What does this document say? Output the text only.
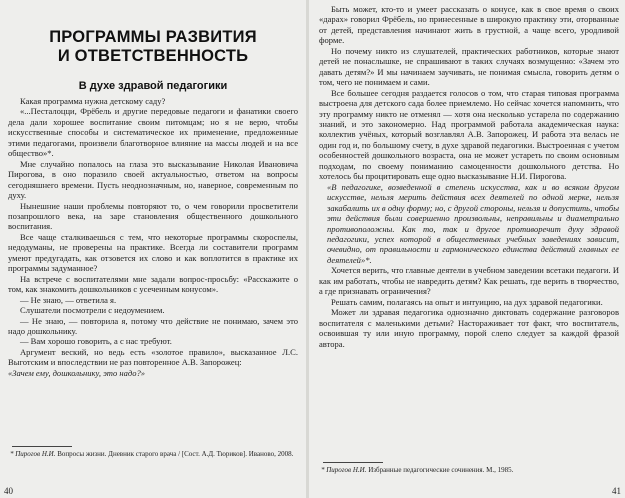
ПРОГРАММЫ РАЗВИТИЯ
И ОТВЕТСТВЕННОСТЬ
В духе здравой педагогики

Какая программа нужна детскому саду?

«...Песталоцци, Фрёбель и другие передовые педагоги и фанатики своего дела дали хорошее воспитание своим питомцам; но я не верю, чтобы искусственные способы и систематическое их применение, предложенные этими педагогами, произвели благотворное влияние на массы людей и на все общество»*.

Мне случайно попалось на глаза это высказывание Николая Ивановича Пирогова, в оно поразило своей актуальностью, ответом на вопросы сегодняшнего времени. Пусть неоднозначным, но, наверное, современным по духу.

Нынешние наши проблемы повторяют то, о чем говорили просветители позапрошлого века, на заре становления общественного дошкольного воспитания.

Все чаще сталкиваешься с тем, что некоторые программы скороспелы, недодуманы, не проверены на практике. Всегда ли составители программ умеют предугадать, как отзовется их слово и как воплотится в практике их программы задуманное?

На встрече с воспитателями мне задали вопрос-просьбу: «Расскажите о том, как знакомить дошкольников с усеченным конусом».

— Не знаю, — ответила я.

Слушатели посмотрели с недоумением.

— Не знаю, — повторила я, потому что действие не понимаю, зачем это надо дошкольнику.

— Вам хорошо говорить, а с нас требуют.

Аргумент веский, но ведь есть «золотое правило», высказанное Л.С. Выготским и впоследствии не раз повторенное А.В. Запорожец:

«Зачем ему, дошкольнику, это надо?»

* Пирогов Н.И. Вопросы жизни. Дневник старого врача / [Сост. А.Д. Тюриков]. Иваново, 2008.

40

Быть может, кто-то и умеет рассказать о конусе, как в свое время о своих «дарах» говорил Фрёбель, но принесенные в широкую практику эти, оторванные от детей, представления начинают жить в грустной, а чаще всего, уродливой форме.

Но почему никто из слушателей, практических работников, которые знают детей не понаслышке, не спрашивают в таких случаях возмущенно: «Зачем это давать детям?» И мы начинаем заучивать, не понимая смысла, говорить детям о том, чего не понимаем и сами.

Все большее сегодня раздается голосов о том, что старая типовая программа выстроена для детского сада более приемлемо. Но сейчас хочется напомнить, что эту программу никто не отменял — хотя она несколько устарела по содержанию знаний, и это закономерно. Над программой работала академическая наука: коллектив учёных, который возглавлял А.В. Запорожец. И работа эта велась не один год и, по большому счету, в духе здравой педагогики. Выстроенная с учетом особенностей дошкольного возраста, она не может устареть по своим основным подходам, по своему пониманию самоценности дошкольного детства. Но хотелось бы процитировать еще одно высказывание Н.И. Пирогова.

«В педагогике, возведенной в степень искусства, как и во всяком другом искусстве, нельзя мерить действия всех деятелей по одной мерке, нельзя закабалить их в одну форму; но, с другой стороны, нельзя и допустить, чтобы эти действия были совершенно произвольны, неправильны и диаметрально противоположны. Как то, так и другое противоречит духу здравой педагогики, успех которой в общественных учебных заведениях зависит, очевидно, от правильности и гармонического единства действий главных ее деятелей»*.

Хочется верить, что главные деятели в учебном заведении всетаки педагоги. И как им работать, чтобы не навредить детям? Как решать, где верить в творчество, а где признавать ограничения?

Решать самим, полагаясь на опыт и интуицию, на дух здравой педагогики.

Может ли здравая педагогика однозначно диктовать содержание разговоров воспитателя с маленькими детьми? Настораживает тот факт, что воспитатель, освоившая ту или иную программу, порой слепо следует за каждой фразой автора.

* Пирогов Н.И. Избранные педагогические сочинения. М., 1985.

41
